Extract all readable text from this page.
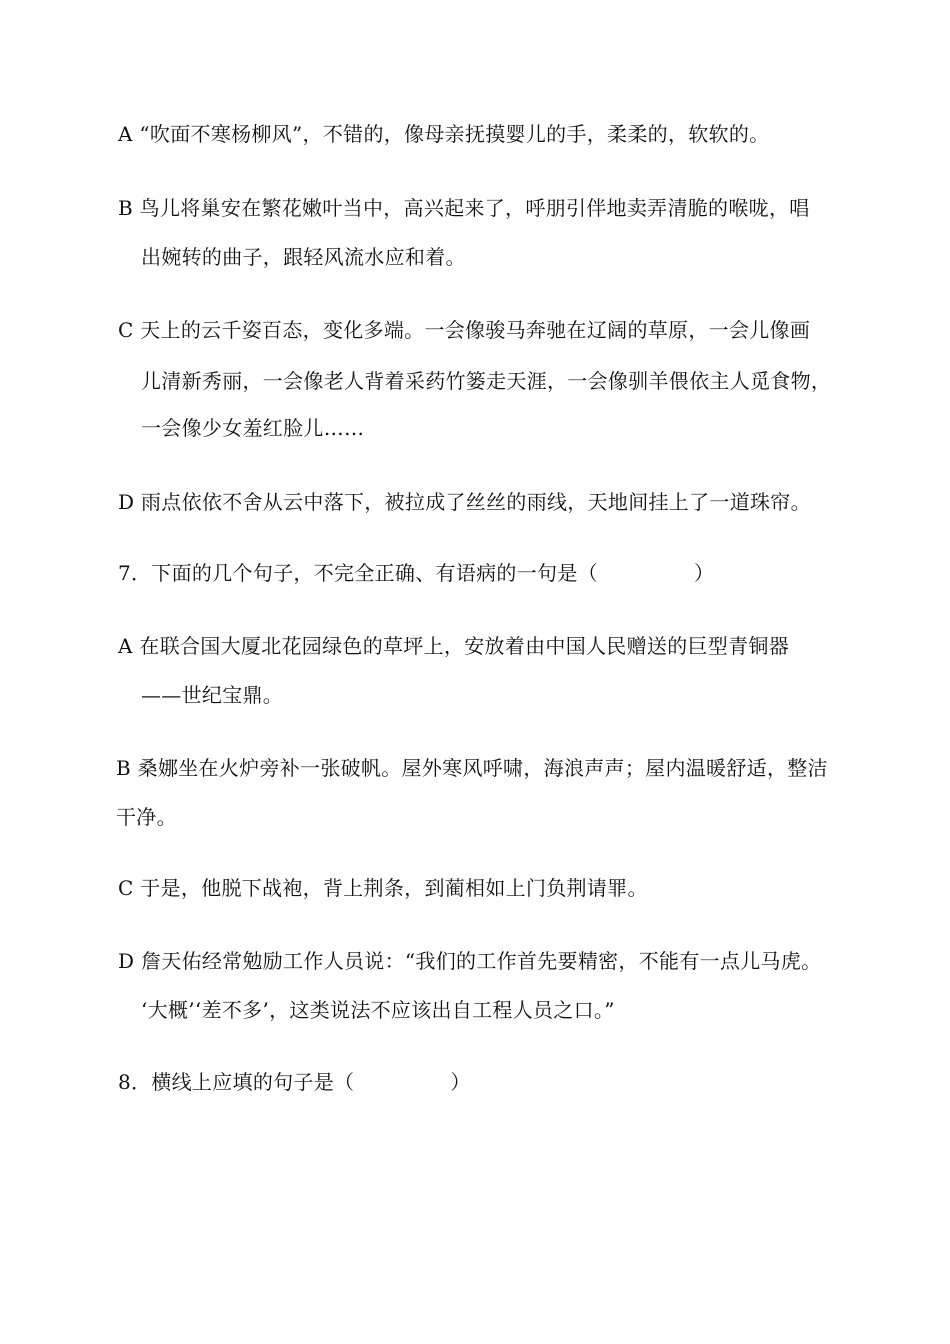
A “吹面不寒杨柳风”，不错的，像母亲抚摸婴儿的手，柔柔的，软软的。
B 鸟儿将巢安在繁花嫩叶当中，高兴起来了，呼朋引伴地卖弄清脆的喉咙，唱
出婉转的曲子，跟轻风流水应和着。
C 天上的云千姿百态，变化多端。一会像骏马奔驰在辽阔的草原，一会儿像画
儿清新秀丽，一会像老人背着采药竹篓走天涯，一会像驯羊偎依主人觅食物，
一会像少女羞红脸儿……
D 雨点依依不舍从云中落下，被拉成了丝丝的雨线，天地间挂上了一道珠帘。
7．下面的几个句子，不完全正确、有语病的一句是（	）
A 在联合国大厦北花园绿色的草坪上，安放着由中国人民赠送的巨型青铜器
——世纪宝鼎。
B 桑娜坐在火炉旁补一张破帆。屋外寒风呼啸，海浪声声；屋内温暖舒适，整洁
干净。
C 于是，他脱下战袍，背上荆条，到蔺相如上门负荆请罪。
D 詹天佑经常勉励工作人员说：“我们的工作首先要精密，不能有一点儿马虎。
‘大概’‘差不多’，这类说法不应该出自工程人员之口。”
8．横线上应填的句子是（	）
